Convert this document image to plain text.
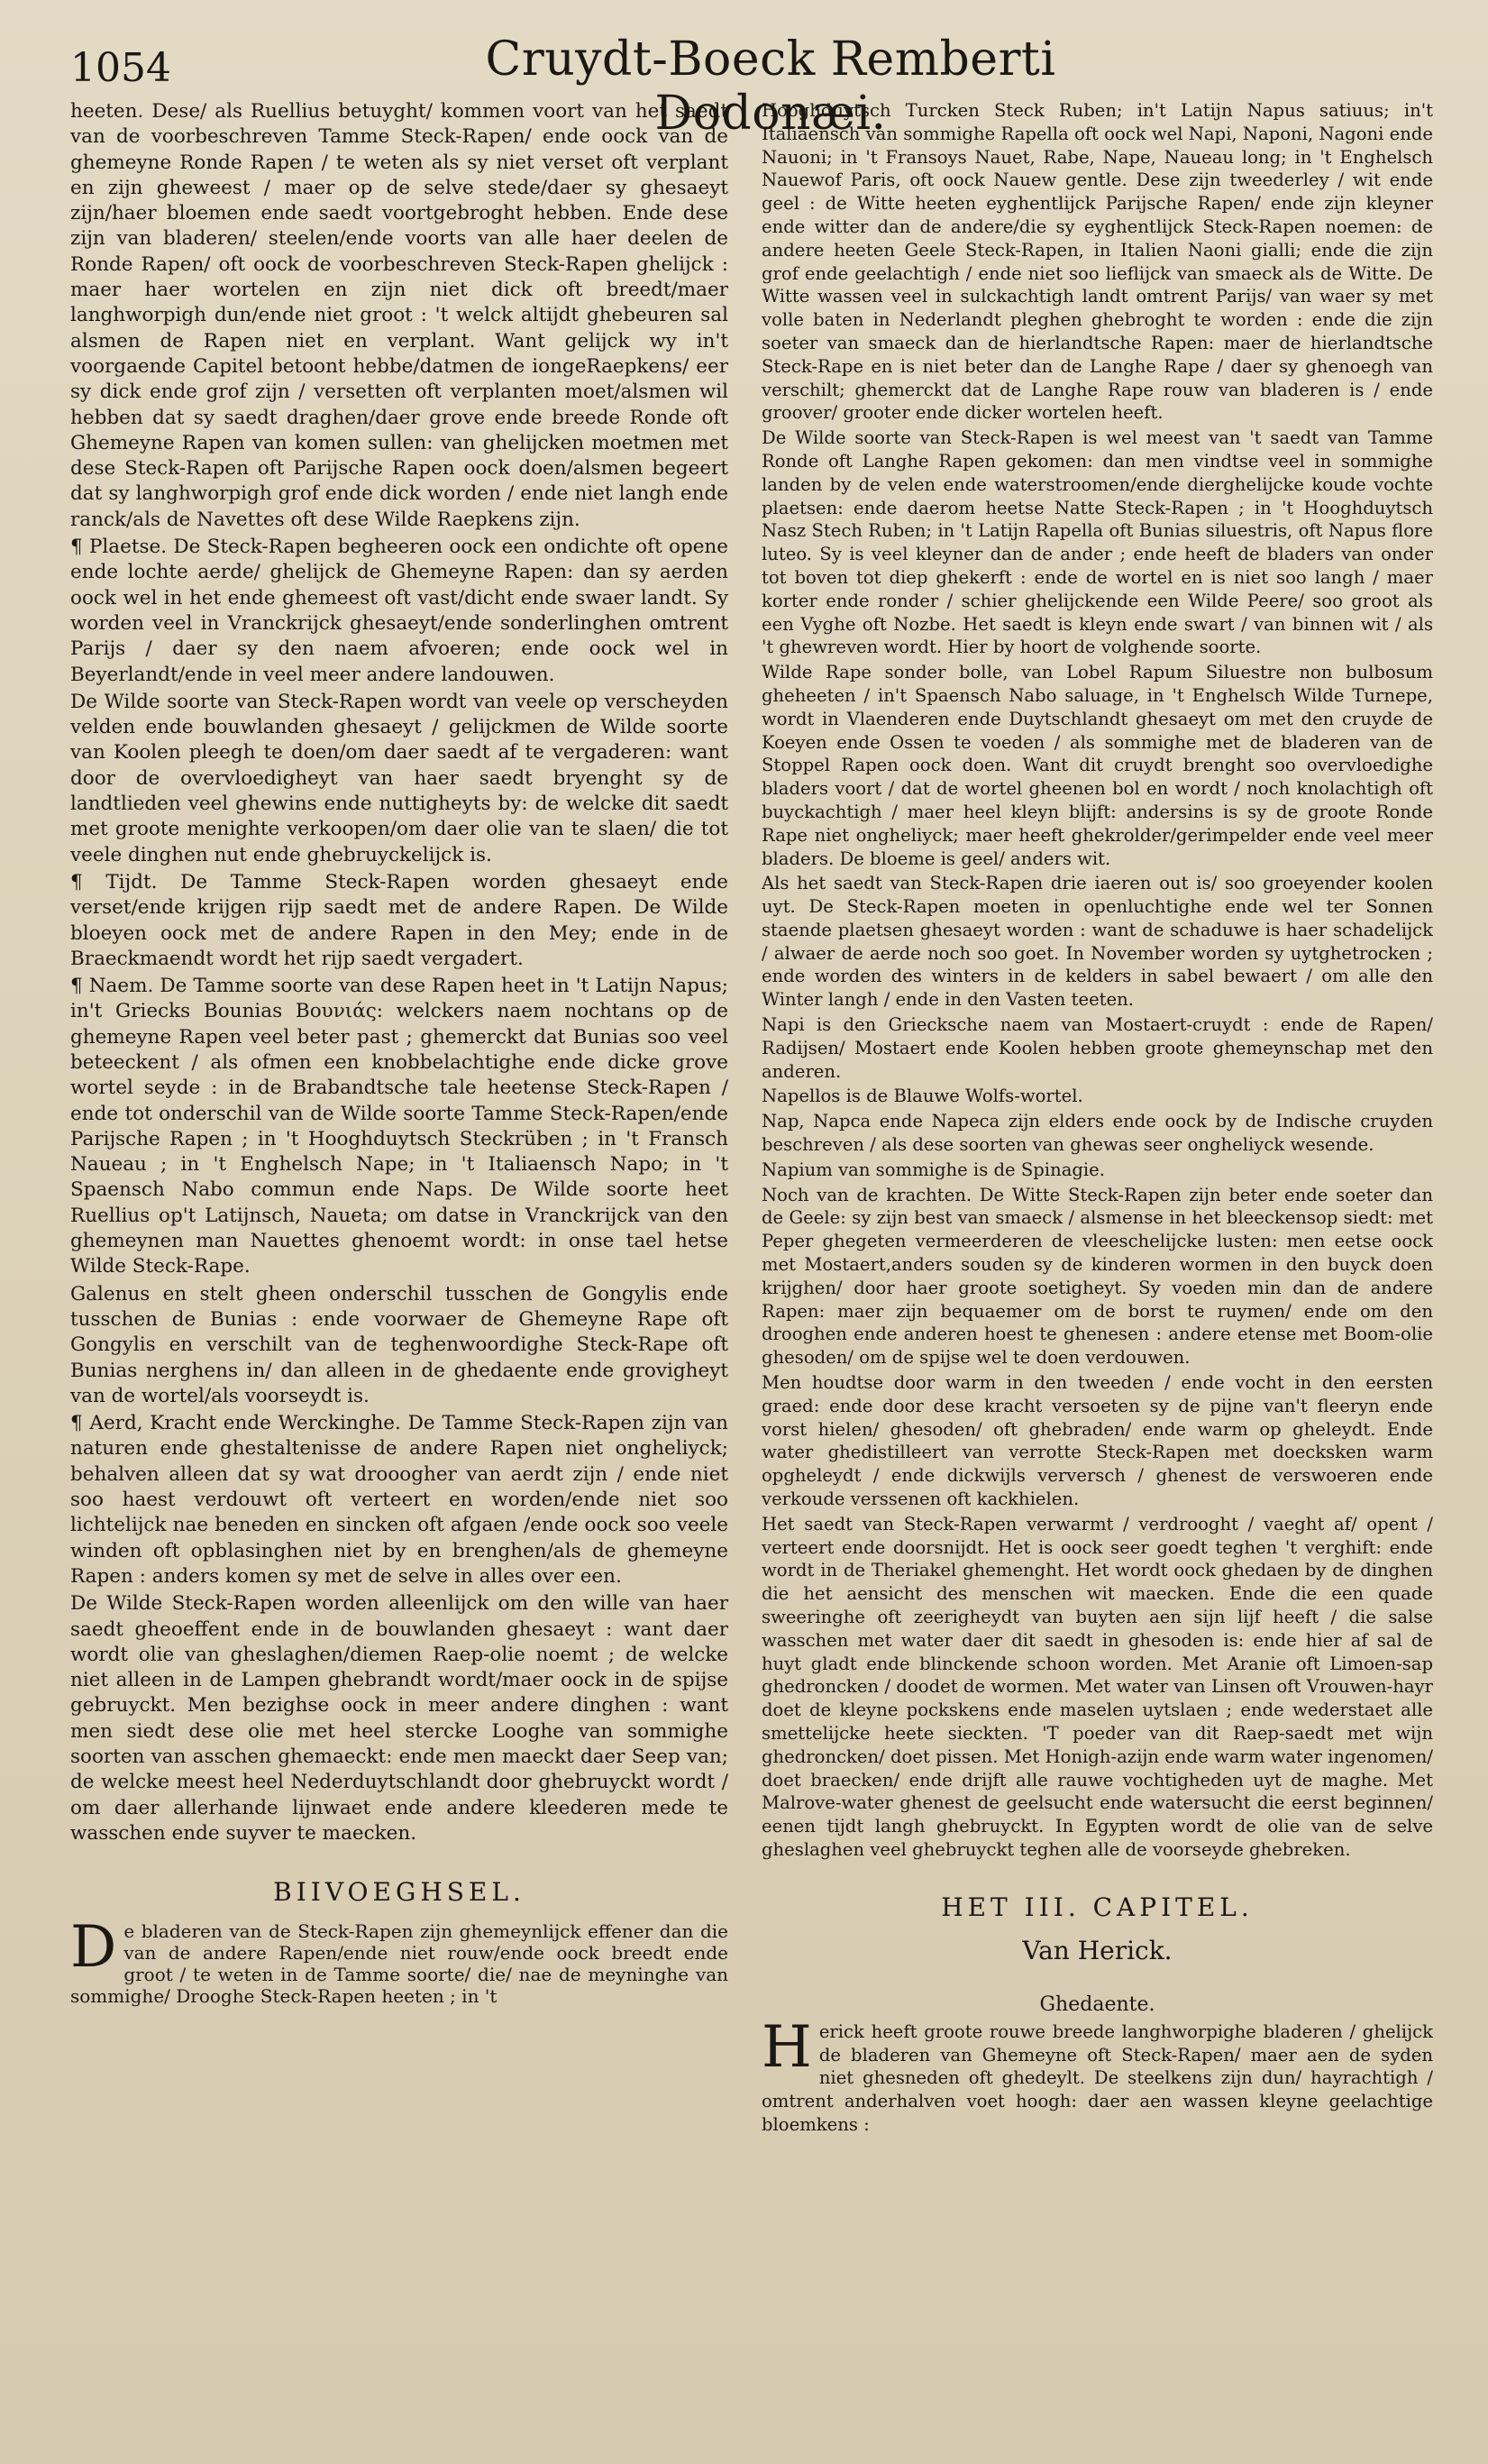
1054	Cruydt-Boeck Remberti Dodonæi.

heeten. Dese/ als Ruellius betuyght/ kommen voort van het saedt van de voorbeschreven Tamme Steck-Rapen/ ende oock van de ghemeyne Ronde Rapen / te weten als sy niet verset oft verplant en zijn gheweest / maer op de selve stede/daer sy ghesaeyt zijn/haer bloemen ende saedt voortgebroght hebben. Ende dese zijn van bladeren/ steelen/ende voorts van alle haer deelen de Ronde Rapen/ oft oock de voorbeschreven Steck-Rapen ghelijck : maer haer wortelen en zijn niet dick oft breedt/maer langhworpigh dun/ende niet groot : 't welck altijdt ghebeuren sal alsmen de Rapen niet en verplant. Want gelijck wy in't voorgaende Capitel betoont hebbe/datmen de iongeRaepkens/ eer sy dick ende grof zijn / versetten oft verplanten moet/alsmen wil hebben dat sy saedt draghen/daer grove ende breede Ronde oft Ghemeyne Rapen van komen sullen: van ghelijcken moetmen met dese Steck-Rapen oft Parijsche Rapen oock doen/alsmen begeert dat sy langhworpigh grof ende dick worden / ende niet langh ende ranck/als de Navettes oft dese Wilde Raepkens zijn.

¶ Plaetse. De Steck-Rapen begheeren oock een ondichte oft opene ende lochte aerde/ ghelijck de Ghemeyne Rapen: dan sy aerden oock wel in het ende ghemeest oft vast/dicht ende swaer landt. Sy worden veel in Vranckrijck ghesaeyt/ende sonderlinghen omtrent Parijs / daer sy den naem afvoeren; ende oock wel in Beyerlandt/ende in veel meer andere landouwen.

De Wilde soorte van Steck-Rapen wordt van veele op verscheyden velden ende bouwlanden ghesaeyt / gelijckmen de Wilde soorte van Koolen pleegh te doen/om daer saedt af te vergaderen: want door de overvloedigheyt van haer saedt bryenght sy de landtlieden veel ghewins ende nuttigheyts by: de welcke dit saedt met groote menighte verkoopen/om daer olie van te slaen/ die tot veele dinghen nut ende ghebruyckelijck is.

¶ Tijdt. De Tamme Steck-Rapen worden ghesaeyt ende verset/ende krijgen rijp saedt met de andere Rapen. De Wilde bloeyen oock met de andere Rapen in den Mey; ende in de Braeckmaendt wordt het rijp saedt vergadert.

¶ Naem. De Tamme soorte van dese Rapen heet in 't Latijn Napus; in't Griecks Bounias Βουνιάς: welckers naem nochtans op de ghemeyne Rapen veel beter past ; ghemerckt dat Bunias soo veel beteeckent / als ofmen een knobbelachtighe ende dicke grove wortel seyde : in de Brabandtsche tale heetense Steck-Rapen / ende tot onderschil van de Wilde soorte Tamme Steck-Rapen/ende Parijsche Rapen ; in 't Hooghduytsch Steckrüben ; in 't Fransch Naueau ; in 't Enghelsch Nape; in 't Italiaensch Napo; in 't Spaensch Nabo commun ende Naps. De Wilde soorte heet Ruellius op't Latijnsch, Naueta; om datse in Vranckrijck van den ghemeynen man Nauettes ghenoemt wordt: in onse tael hetse Wilde Steck-Rape.

Galenus en stelt gheen onderschil tusschen de Gongylis ende tusschen de Bunias : ende voorwaer de Ghemeyne Rape oft Gongylis en verschilt van de teghenwoordighe Steck-Rape oft Bunias nerghens in/ dan alleen in de ghedaente ende grovigheyt van de wortel/als voorseydt is.

¶ Aerd, Kracht ende Werckinghe. De Tamme Steck-Rapen zijn van naturen ende ghestaltenisse de andere Rapen niet ongheliyck; behalven alleen dat sy wat drooogher van aerdt zijn / ende niet soo haest verdouwt oft verteert en worden/ende niet soo lichtelijck nae beneden en sincken oft afgaen /ende oock soo veele winden oft opblasinghen niet by en brenghen/als de ghemeyne Rapen : anders komen sy met de selve in alles over een.

De Wilde Steck-Rapen worden alleenlijck om den wille van haer saedt gheoeffent ende in de bouwlanden ghesaeyt : want daer wordt olie van gheslaghen/diemen Raep-olie noemt ; de welcke niet alleen in de Lampen ghebrandt wordt/maer oock in de spijse gebruyckt. Men bezighse oock in meer andere dinghen : want men siedt dese olie met heel stercke Looghe van sommighe soorten van asschen ghemaeckt: ende men maeckt daer Seep van; de welcke meest heel Nederduytschlandt door ghebruyckt wordt / om daer allerhande lijnwaet ende andere kleederen mede te wasschen ende suyver te maecken.

BIIVOEGHSEL.

De bladeren van de Steck-Rapen zijn ghemeynlijck effener dan die van de andere Rapen/ende niet rouw/ende oock breedt ende groot / te weten in de Tamme soorte/ die/ nae de meyninghe van sommighe/ Drooghe Steck-Rapen heeten ; in 't

Hooghduytsch Turcken Steck Ruben; in't Latijn Napus satiuus; in't Italiaensch van sommighe Rapella oft oock wel Napi, Naponi, Nagoni ende Nauoni; in 't Fransoys Nauet, Rabe, Nape, Naueau long; in 't Enghelsch Nauewof Paris, oft oock Nauew gentle. Dese zijn tweederley / wit ende geel : de Witte heeten eyghentlijck Parijsche Rapen/ ende zijn kleyner ende witter dan de andere/die sy eyghentlijck Steck-Rapen noemen: de andere heeten Geele Steck-Rapen, in Italien Naoni gialli; ende die zijn grof ende geelachtigh / ende niet soo lieflijck van smaeck als de Witte. De Witte wassen veel in sulckachtigh landt omtrent Parijs/ van waer sy met volle baten in Nederlandt pleghen ghebroght te worden : ende die zijn soeter van smaeck dan de hierlandtsche Rapen: maer de hierlandtsche Steck-Rape en is niet beter dan de Langhe Rape / daer sy ghenoegh van verschilt; ghemerckt dat de Langhe Rape rouw van bladeren is / ende groover/ grooter ende dicker wortelen heeft.

De Wilde soorte van Steck-Rapen is wel meest van 't saedt van Tamme Ronde oft Langhe Rapen gekomen: dan men vindtse veel in sommighe landen by de velen ende waterstroomen/ende dierghelijcke koude vochte plaetsen: ende daerom heetse Natte Steck-Rapen ; in 't Hooghduytsch Nasz Stech Ruben; in 't Latijn Rapella oft Bunias siluestris, oft Napus flore luteo. Sy is veel kleyner dan de ander ; ende heeft de bladers van onder tot boven tot diep ghekerft : ende de wortel en is niet soo langh / maer korter ende ronder / schier ghelijckende een Wilde Peere/ soo groot als een Vyghe oft Nozbe. Het saedt is kleyn ende swart / van binnen wit / als 't ghewreven wordt. Hier by hoort de volghende soorte.

Wilde Rape sonder bolle, van Lobel Rapum Siluestre non bulbosum gheheeten / in't Spaensch Nabo saluage, in 't Enghelsch Wilde Turnepe, wordt in Vlaenderen ende Duytschlandt ghesaeyt om met den cruyde de Koeyen ende Ossen te voeden / als sommighe met de bladeren van de Stoppel Rapen oock doen. Want dit cruydt brenght soo overvloedighe bladers voort / dat de wortel gheenen bol en wordt / noch knolachtigh oft buyckachtigh / maer heel kleyn blijft: andersins is sy de groote Ronde Rape niet ongheliyck; maer heeft ghekrolder/gerimpelder ende veel meer bladers. De bloeme is geel/ anders wit.

Als het saedt van Steck-Rapen drie iaeren out is/ soo groeyender koolen uyt. De Steck-Rapen moeten in openluchtighe ende wel ter Sonnen staende plaetsen ghesaeyt worden : want de schaduwe is haer schadelijck / alwaer de aerde noch soo goet. In November worden sy uytghetrocken ; ende worden des winters in de kelders in sabel bewaert / om alle den Winter langh / ende in den Vasten teeten.

Napi is den Griecksche naem van Mostaert-cruydt : ende de Rapen/ Radijsen/ Mostaert ende Koolen hebben groote ghemeynschap met den anderen.

Napellos is de Blauwe Wolfs-wortel.

Nap, Napca ende Napeca zijn elders ende oock by de Indische cruyden beschreven / als dese soorten van ghewas seer ongheliyck wesende.

Napium van sommighe is de Spinagie.

Noch van de krachten. De Witte Steck-Rapen zijn beter ende soeter dan de Geele: sy zijn best van smaeck / alsmense in het bleeckensop siedt: met Peper ghegeten vermeerderen de vleeschelijcke lusten: men eetse oock met Mostaert,anders souden sy de kinderen wormen in den buyck doen krijghen/ door haer groote soetigheyt. Sy voeden min dan de andere Rapen: maer zijn bequaemer om de borst te ruymen/ ende om den drooghen ende anderen hoest te ghenesen : andere etense met Boom-olie ghesoden/ om de spijse wel te doen verdouwen.

Men houdtse door warm in den tweeden / ende vocht in den eersten graed: ende door dese kracht versoeten sy de pijne van't fleeryn ende vorst hielen/ ghesoden/ oft ghebraden/ ende warm op gheleydt. Ende water ghedistilleert van verrotte Steck-Rapen met doecksken warm opgheleydt / ende dickwijls verversch / ghenest de verswoeren ende verkoude verssenen oft kackhielen.

Het saedt van Steck-Rapen verwarmt / verdrooght / vaeght af/ opent / verteert ende doorsnijdt. Het is oock seer goedt teghen 't verghift: ende wordt in de Theriakel ghemenght. Het wordt oock ghedaen by de dinghen die het aensicht des menschen wit maecken. Ende die een quade sweeringhe oft zeerigheydt van buyten aen sijn lijf heeft / die salse wasschen met water daer dit saedt in ghesoden is: ende hier af sal de huyt gladt ende blinckende schoon worden. Met Aranie oft Limoen-sap ghedroncken / doodet de wormen. Met water van Linsen oft Vrouwen-hayr doet de kleyne pockskens ende maselen uytslaen ; ende wederstaet alle smettelijcke heete sieckten. 'T poeder van dit Raep-saedt met wijn ghedroncken/ doet pissen. Met Honigh-azijn ende warm water ingenomen/ doet braecken/ ende drijft alle rauwe vochtigheden uyt de maghe. Met Malrove-water ghenest de geelsucht ende watersucht die eerst beginnen/ eenen tijdt langh ghebruyckt. In Egypten wordt de olie van de selve gheslaghen veel ghebruyckt teghen alle de voorseyde ghebreken.

HET III. CAPITEL.
Van Herick.
Ghedaente.

Herick heeft groote rouwe breede langhworpighe bladeren / ghelijck de bladeren van Ghemeyne oft Steck-Rapen/ maer aen de syden niet ghesneden oft ghedeylt. De steelkens zijn dun/ hayrachtigh / omtrent anderhalven voet hoogh: daer aen wassen kleyne geelachtige bloemkens :
